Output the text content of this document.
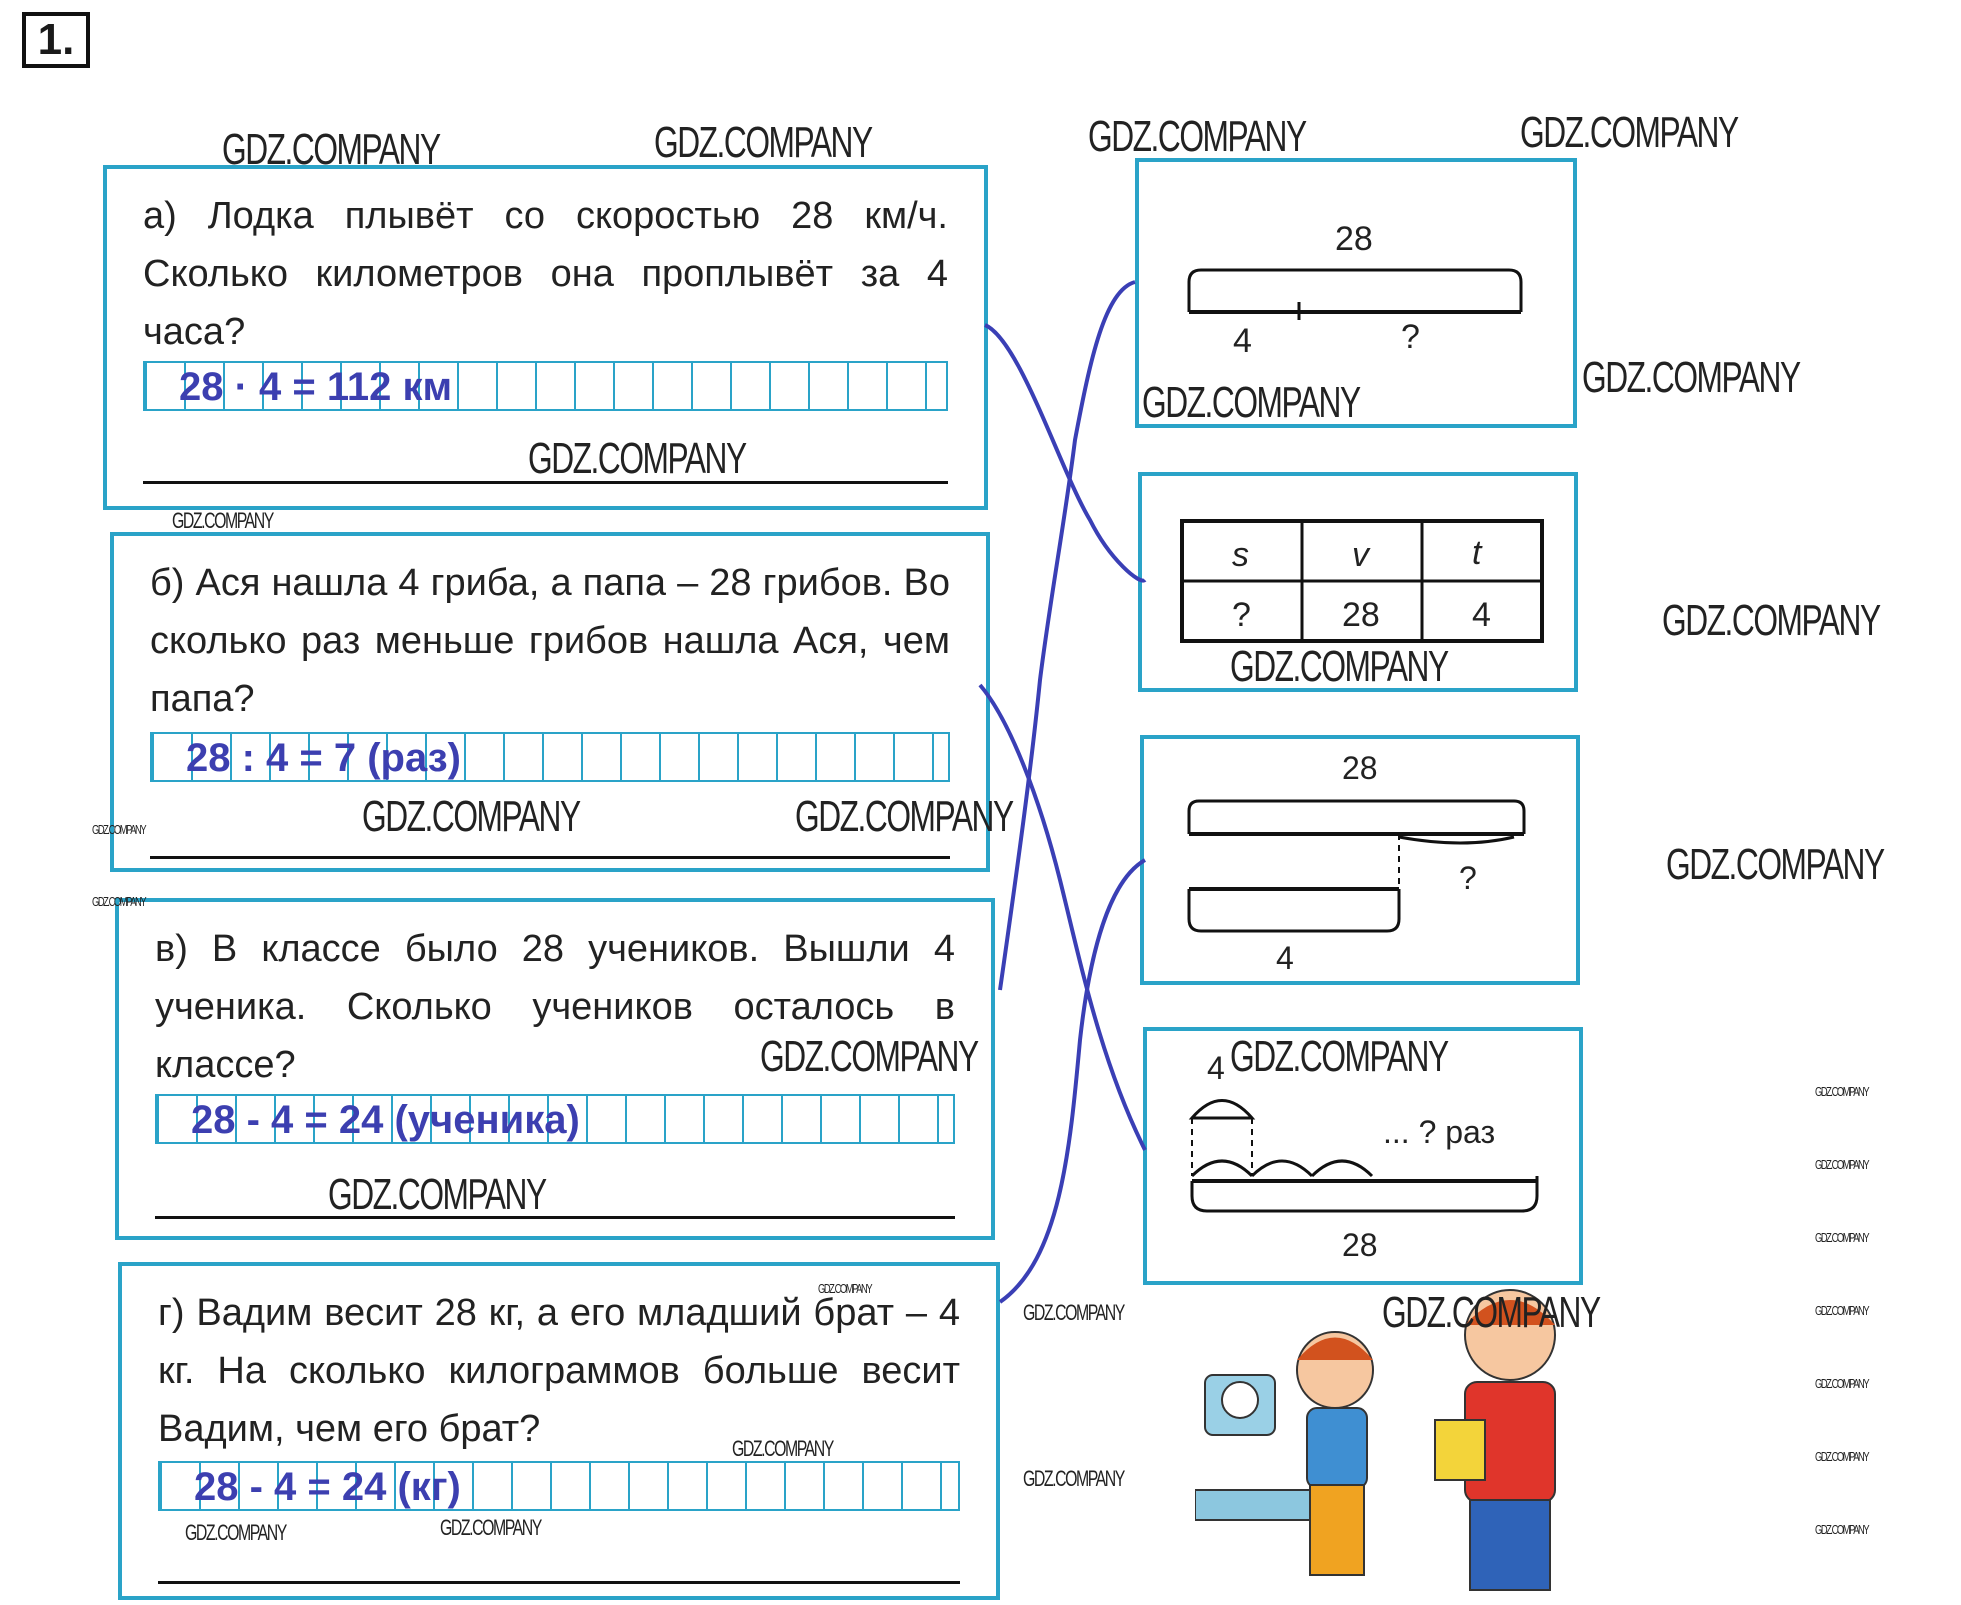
1.
а) Лодка плывёт со скоростью 28 км/ч. Сколько километров она проплывёт за 4 часа?
28 · 4 = 112 км
б) Ася нашла 4 гриба, а папа – 28 грибов. Во сколько раз меньше грибов нашла Ася, чем папа?
28 : 4 = 7 (раз)
в) В классе было 28 учеников. Вышли 4 ученика. Сколько учеников осталось в классе?
28 - 4 = 24 (ученика)
г) Вадим весит 28 кг, а его младший брат – 4 кг. На сколько килограммов больше весит Вадим, чем его брат?
28 - 4 = 24 (кг)
28
4	?
s	v	t
?	28	4
28
4
?
4
... ? раз
28
GDZ.COMPANY	GDZ.COMPANY	GDZ.COMPANY	GDZ.COMPANY
GDZ.COMPANY
GDZ.COMPANY
GDZ.COMPANY
GDZ.COMPANY
GDZ.COMPANY
GDZ.COMPANY
GDZ.COMPANY	GDZ.COMPANY
GDZ.COMPANY
GDZ.COMPANY
GDZ.COMPANY
GDZ.COMPANY	GDZ.COMPANY
GDZ.COMPANY
GDZ.COMPANY
GDZ.COMPANY
GDZ.COMPANY
GDZ.COMPANY
GDZ.COMPANY
GDZ.COMPANY
GDZ.COMPANY
GDZ.COMPANY
GDZ.COMPANY
GDZ.COMPANY
GDZ.COMPANY
GDZ.COMPANY
GDZ.COMPANY	GDZ.COMPANY
